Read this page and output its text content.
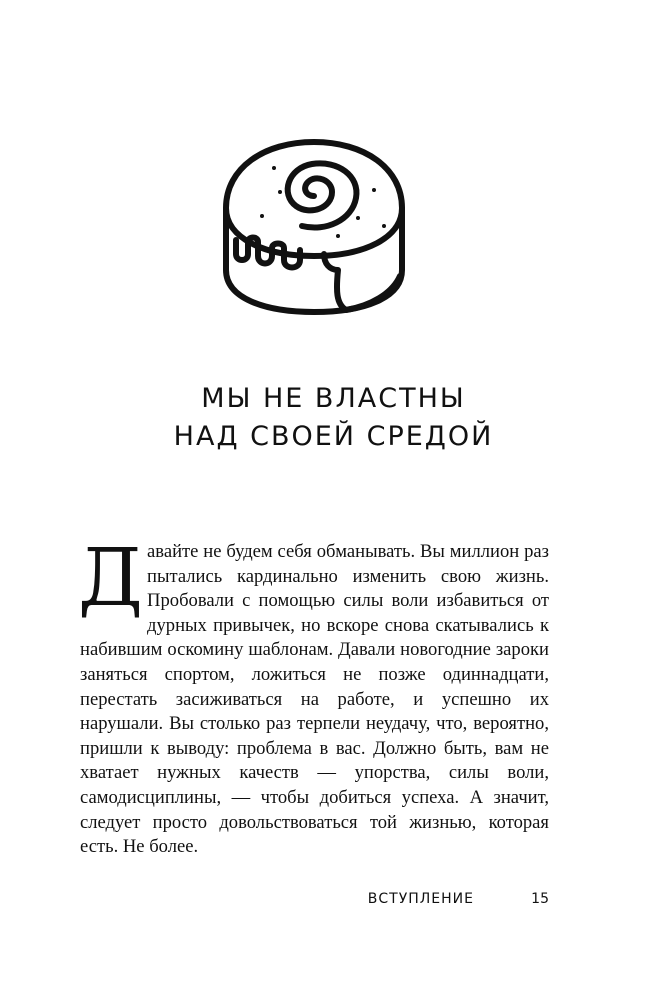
МЫ НЕ ВЛАСТНЫ
НАД СВОЕЙ СРЕДОЙ

Давайте не будем себя обманывать. Вы миллион раз пытались кардинально изменить свою жизнь. Пробовали с помощью силы воли избавиться от дурных привычек, но вскоре снова скатывались к набившим оскомину шаблонам. Давали новогодние зароки заняться спортом, ложиться не позже одиннадцати, перестать засиживаться на работе, и успешно их нарушали. Вы столько раз терпели неудачу, что, вероятно, пришли к выводу: проблема в вас. Должно быть, вам не хватает нужных качеств — упорства, силы воли, самодисциплины, — чтобы добиться успеха. А значит, следует просто довольствоваться той жизнью, которая есть. Не более.

ВСТУПЛЕНИЕ	15
